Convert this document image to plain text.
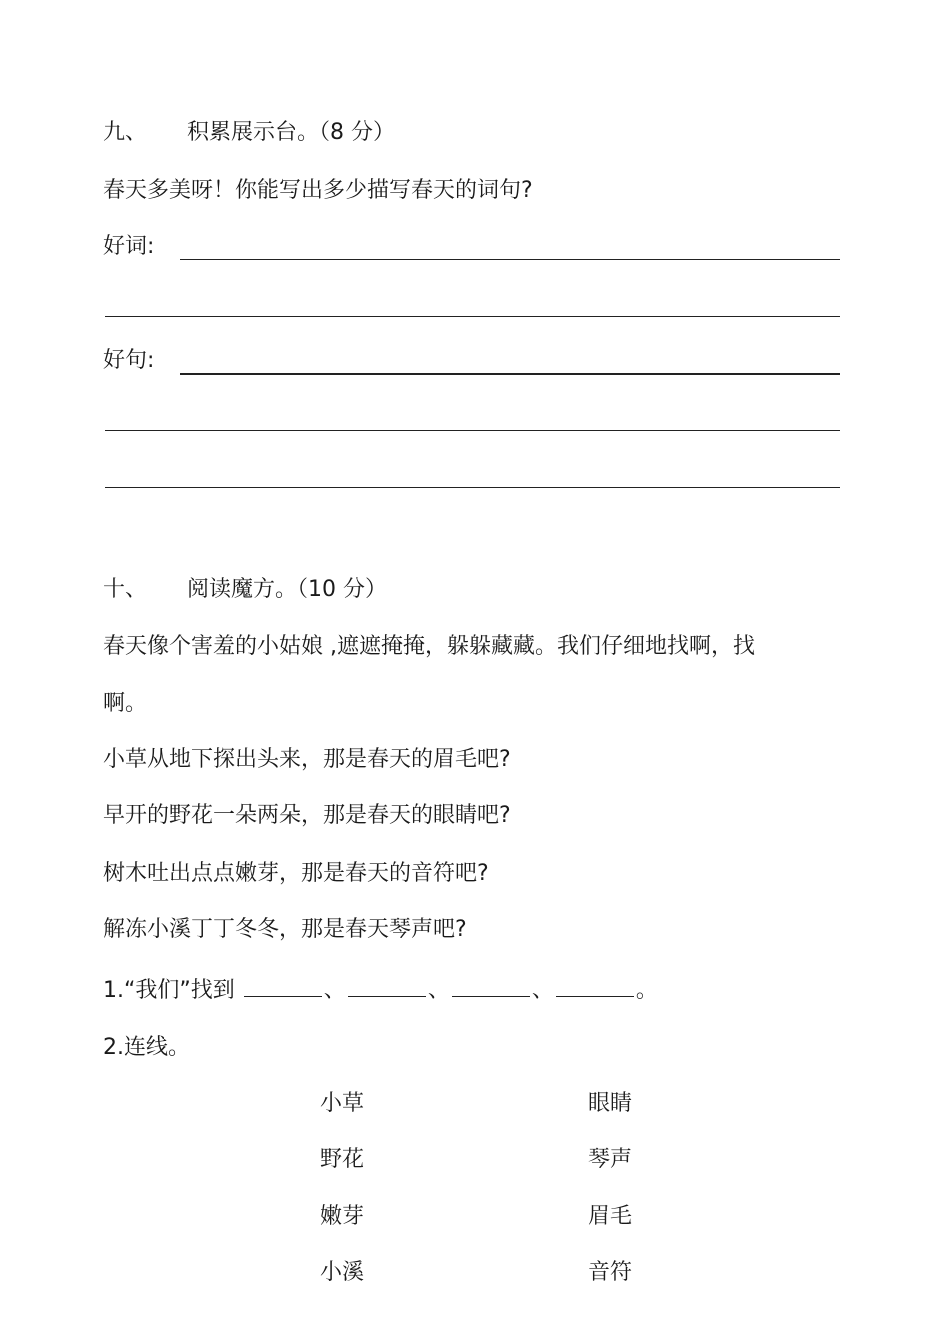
九、 积累展示台。（8 分）
春天多美呀！你能写出多少描写春天的词句?
好词:
好句:
十、 阅读魔方。（10 分）
春天像个害羞的小姑娘 ,遮遮掩掩，躲躲藏藏。我们仔细地找啊，找
啊。
小草从地下探出头来，那是春天的眉毛吧?
早开的野花一朵两朵，那是春天的眼睛吧?
树木吐出点点嫩芽，那是春天的音符吧?
解冻小溪丁丁冬冬，那是春天琴声吧?
1.“我们”找到	、	、	、	。
2.连线。
小草	眼睛
野花	琴声
嫩芽	眉毛
小溪	音符
